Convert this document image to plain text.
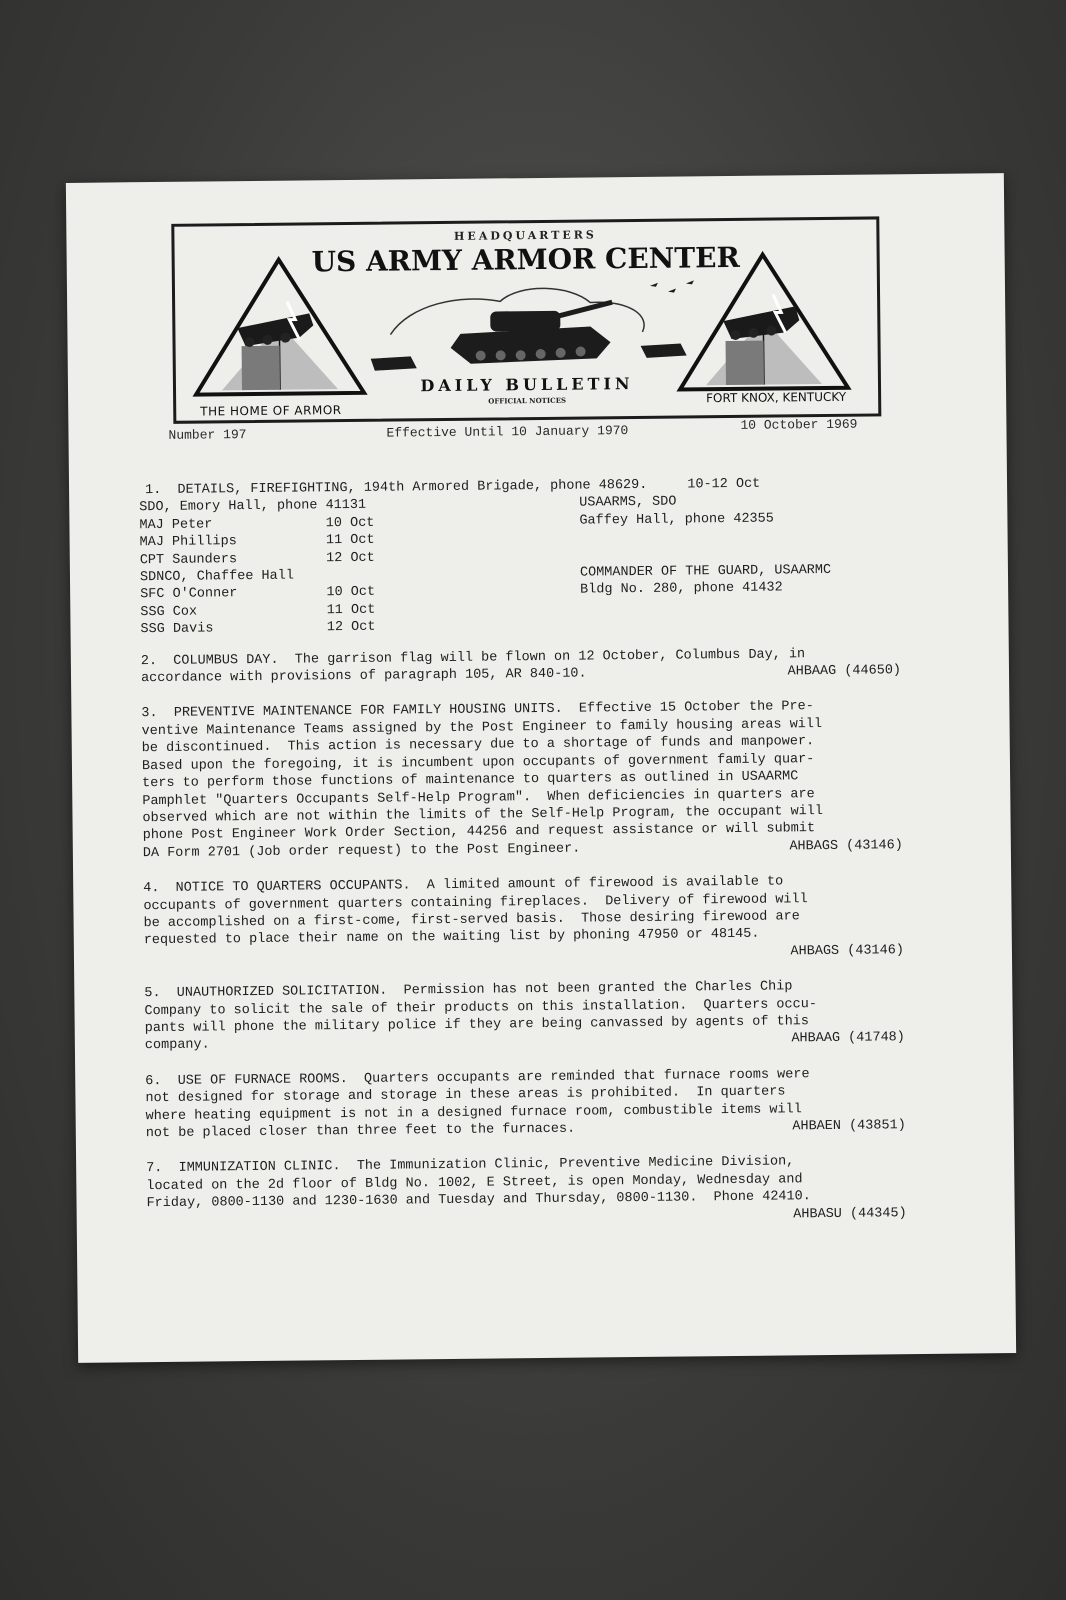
HEADQUARTERS
US ARMY ARMOR CENTER
DAILY BULLETIN
OFFICIAL NOTICES
THE HOME OF ARMOR
FORT KNOX, KENTUCKY
Number 197	Effective Until 10 January 1970	10 October 1969
1.  DETAILS, FIREFIGHTING, 194th Armored Brigade, phone 48629.	10-12 Oct
SDO, Emory Hall, phone 41131
MAJ Peter              10 Oct
MAJ Phillips           11 Oct
CPT Saunders           12 Oct
SDNCO, Chaffee Hall
SFC O'Conner           10 Oct
SSG Cox                11 Oct
SSG Davis              12 Oct
USAARMS, SDO
Gaffey Hall, phone 42355

COMMANDER OF THE GUARD, USAARMC
Bldg No. 280, phone 41432
2.  COLUMBUS DAY.  The garrison flag will be flown on 12 October, Columbus Day, in
accordance with provisions of paragraph 105, AR 840-10.	AHBAAG (44650)
3.  PREVENTIVE MAINTENANCE FOR FAMILY HOUSING UNITS.  Effective 15 October the Pre-
ventive Maintenance Teams assigned by the Post Engineer to family housing areas will
be discontinued.  This action is necessary due to a shortage of funds and manpower.
Based upon the foregoing, it is incumbent upon occupants of government family quar-
ters to perform those functions of maintenance to quarters as outlined in USAARMC
Pamphlet "Quarters Occupants Self-Help Program".  When deficiencies in quarters are
observed which are not within the limits of the Self-Help Program, the occupant will
phone Post Engineer Work Order Section, 44256 and request assistance or will submit
DA Form 2701 (Job order request) to the Post Engineer.	AHBAGS (43146)
4.  NOTICE TO QUARTERS OCCUPANTS.  A limited amount of firewood is available to
occupants of government quarters containing fireplaces.  Delivery of firewood will
be accomplished on a first-come, first-served basis.  Those desiring firewood are
requested to place their name on the waiting list by phoning 47950 or 48145.
AHBAGS (43146)
5.  UNAUTHORIZED SOLICITATION.  Permission has not been granted the Charles Chip
Company to solicit the sale of their products on this installation.  Quarters occu-
pants will phone the military police if they are being canvassed by agents of this
company.	AHBAAG (41748)
6.  USE OF FURNACE ROOMS.  Quarters occupants are reminded that furnace rooms were
not designed for storage and storage in these areas is prohibited.  In quarters
where heating equipment is not in a designed furnace room, combustible items will
not be placed closer than three feet to the furnaces.	AHBAEN (43851)
7.  IMMUNIZATION CLINIC.  The Immunization Clinic, Preventive Medicine Division,
located on the 2d floor of Bldg No. 1002, E Street, is open Monday, Wednesday and
Friday, 0800-1130 and 1230-1630 and Tuesday and Thursday, 0800-1130.  Phone 42410.
AHBASU (44345)
